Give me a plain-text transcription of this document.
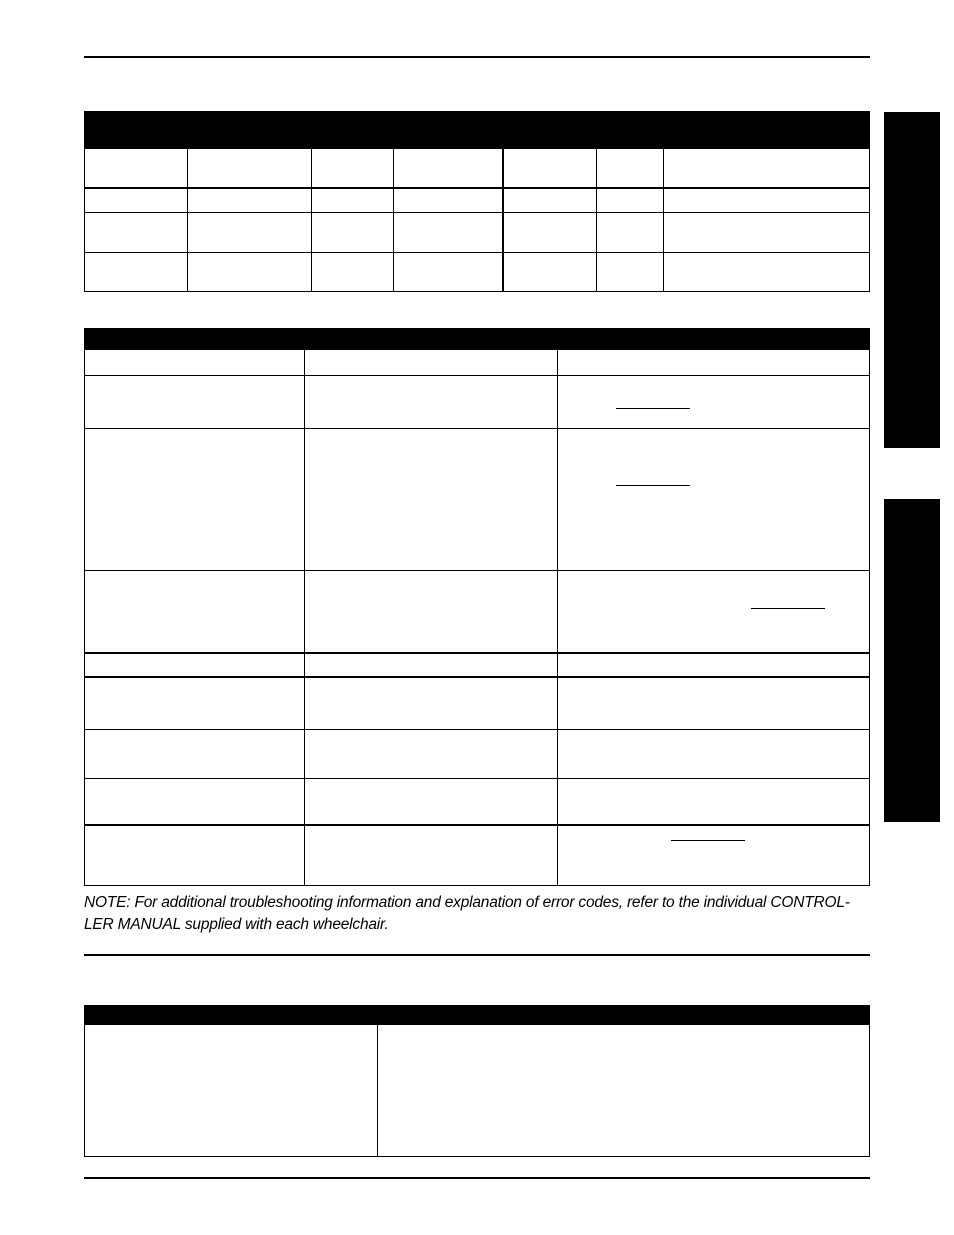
NOTE: For additional troubleshooting information and explanation of error codes, refer to the individual CONTROL-LER MANUAL supplied with each wheelchair.
